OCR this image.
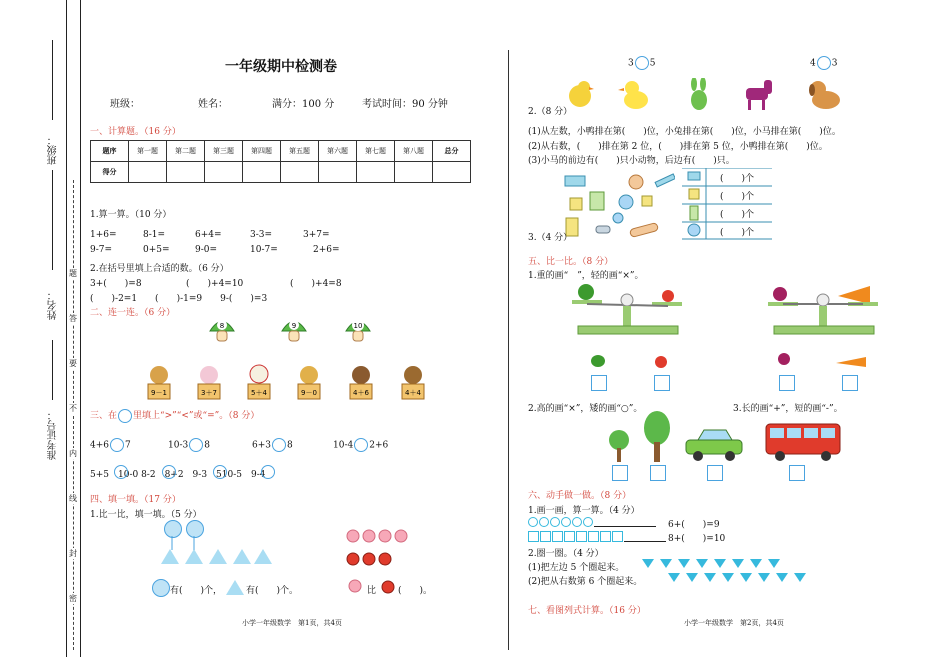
班级：
姓名：
准考证号：
题
答
要
不
内
线
封
密
一年级期中检测卷
班级：	姓名：	满分：100 分	考试时间：90 分钟
一、计算题。（16 分）
题序	第一题	第二题	第三题	第四题	第五题	第六题	第七题	第八题	总分
得分									
1.算一算。（10 分）
1+6=	8-1=	6+4=	3-3=	3+7=
9-7=	0+5=	9-0=	10-7=	2+6=
2.在括号里填上合适的数。（6 分）
3+(　　)=8	(　　)+4=10	(　　)+4=8
(　　)-2=1　　(　　)-1=9　　9-(　　)=3
二、连一连。（6 分）
8	9	10
9－1	3＋7	5＋4	9－0	4＋6	4＋4
三、在 里填上“>”“<”或“=”。（8 分）
4+6 7	10-3 8	6+3 8	10-4 2+6
5+5　10-0 8-2　8+2　9-3　510-5　9-4
四、填一填。（17 分）
1.比一比，填一填。（5 分）
有(　　)个，	有(　　)个。	比 (　　)。
小学一年级数学　第1页，共4页
3 5	4 3
2.（8 分）
(1)从左数，小鸭排在第(　　)位，小兔排在第(　　)位，小马排在第(　　)位。
(2)从右数，(　　)排在第 2 位，(　　)排在第 5 位，小鸭排在第(　　)位。
(3)小马的前边有(　　)只小动物，后边有(　　)只。
3.（4 分）
(　　)个
(　　)个
(　　)个
(　　)个
五、比一比。（8 分）
1.重的画“　”，轻的画“×”。
2.高的画“×”，矮的画“○”。	3.长的画“+”，短的画“-”。
六、动手做一做。（8 分）
1.画一画，算一算。（4 分）
6+(　　)=9
8+(　　)=10
2.圈一圈。（4 分）
(1)把左边 5 个圈起来。
(2)把从右数第 6 个圈起来。
七、看图列式计算。（16 分）
小学一年级数学　第2页，共4页
